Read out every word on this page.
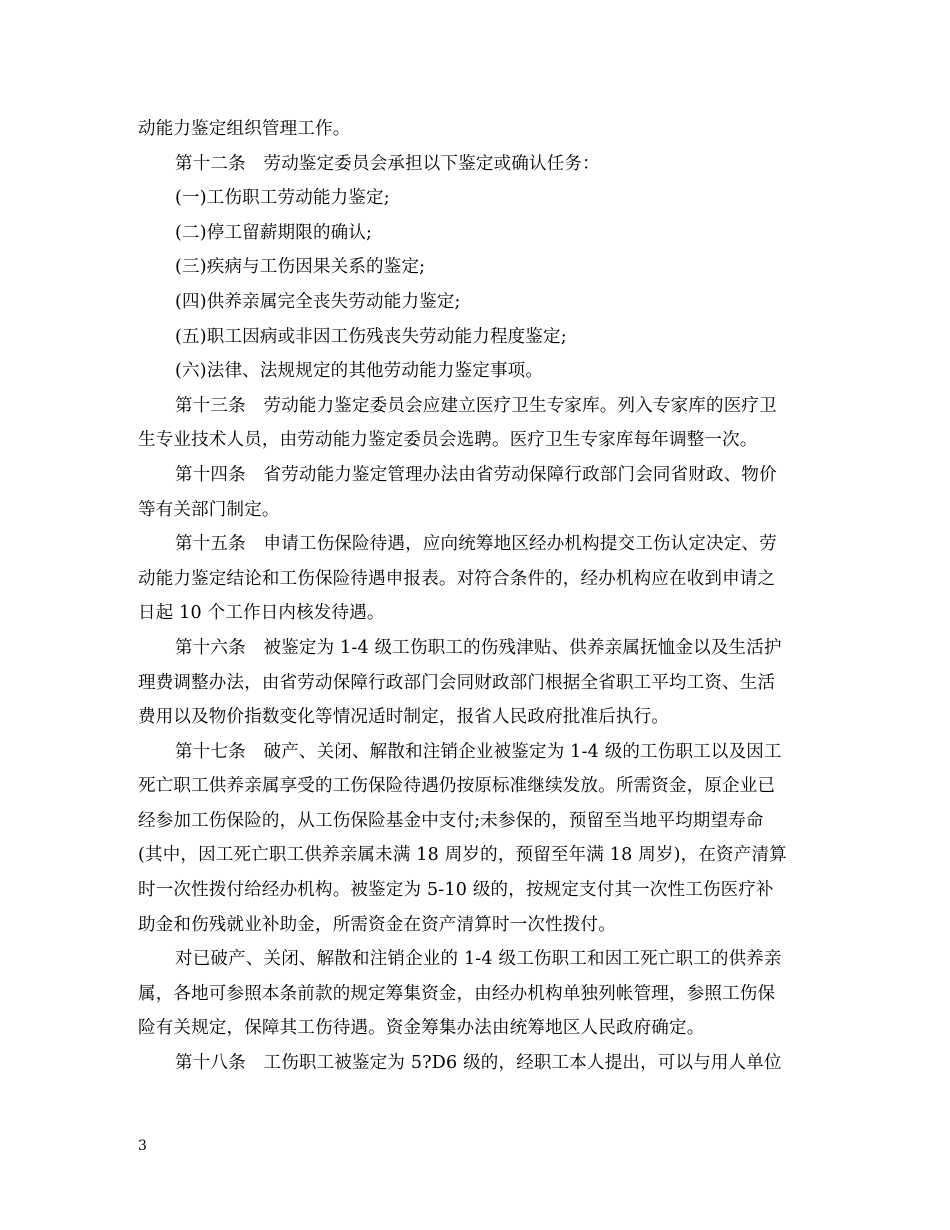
动能力鉴定组织管理工作。
第十二条　劳动鉴定委员会承担以下鉴定或确认任务：
(一)工伤职工劳动能力鉴定;
(二)停工留薪期限的确认;
(三)疾病与工伤因果关系的鉴定;
(四)供养亲属完全丧失劳动能力鉴定;
(五)职工因病或非因工伤残丧失劳动能力程度鉴定;
(六)法律、法规规定的其他劳动能力鉴定事项。
第十三条　劳动能力鉴定委员会应建立医疗卫生专家库。列入专家库的医疗卫
生专业技术人员，由劳动能力鉴定委员会选聘。医疗卫生专家库每年调整一次。
第十四条　省劳动能力鉴定管理办法由省劳动保障行政部门会同省财政、物价
等有关部门制定。
第十五条　申请工伤保险待遇，应向统筹地区经办机构提交工伤认定决定、劳
动能力鉴定结论和工伤保险待遇申报表。对符合条件的，经办机构应在收到申请之
日起 10 个工作日内核发待遇。
第十六条　被鉴定为 1-4 级工伤职工的伤残津贴、供养亲属抚恤金以及生活护
理费调整办法，由省劳动保障行政部门会同财政部门根据全省职工平均工资、生活
费用以及物价指数变化等情况适时制定，报省人民政府批准后执行。
第十七条　破产、关闭、解散和注销企业被鉴定为 1-4 级的工伤职工以及因工
死亡职工供养亲属享受的工伤保险待遇仍按原标准继续发放。所需资金，原企业已
经参加工伤保险的，从工伤保险基金中支付;未参保的，预留至当地平均期望寿命
(其中，因工死亡职工供养亲属未满 18 周岁的，预留至年满 18 周岁)，在资产清算
时一次性拨付给经办机构。被鉴定为 5-10 级的，按规定支付其一次性工伤医疗补
助金和伤残就业补助金，所需资金在资产清算时一次性拨付。
对已破产、关闭、解散和注销企业的 1-4 级工伤职工和因工死亡职工的供养亲
属，各地可参照本条前款的规定筹集资金，由经办机构单独列帐管理，参照工伤保
险有关规定，保障其工伤待遇。资金筹集办法由统筹地区人民政府确定。
第十八条　工伤职工被鉴定为 5?D6 级的，经职工本人提出，可以与用人单位
3
